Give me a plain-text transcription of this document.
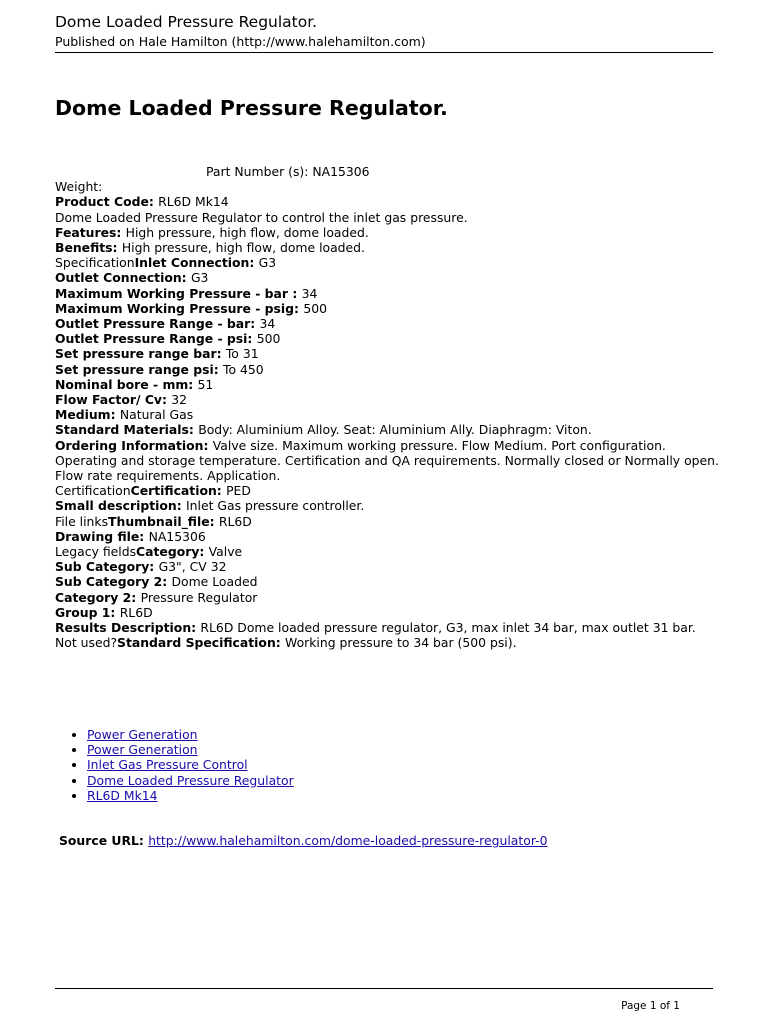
Dome Loaded Pressure Regulator.
Published on Hale Hamilton (http://www.halehamilton.com)
Dome Loaded Pressure Regulator.
Part Number (s): NA15306
Weight:
Product Code: RL6D Mk14
Dome Loaded Pressure Regulator to control the inlet gas pressure.
Features: High pressure, high flow, dome loaded.
Benefits: High pressure, high flow, dome loaded.
SpecificationInlet Connection: G3
Outlet Connection: G3
Maximum Working Pressure - bar : 34
Maximum Working Pressure - psig: 500
Outlet Pressure Range - bar: 34
Outlet Pressure Range - psi: 500
Set pressure range bar: To 31
Set pressure range psi: To 450
Nominal bore - mm: 51
Flow Factor/ Cv: 32
Medium: Natural Gas
Standard Materials: Body: Aluminium Alloy. Seat: Aluminium Ally. Diaphragm: Viton.
Ordering Information: Valve size. Maximum working pressure. Flow Medium. Port configuration. Operating and storage temperature. Certification and QA requirements. Normally closed or Normally open. Flow rate requirements. Application.
CertificationCertification: PED
Small description: Inlet Gas pressure controller.
File linksThumbnail_file: RL6D
Drawing file: NA15306
Legacy fieldsCategory: Valve
Sub Category: G3", CV 32
Sub Category 2: Dome Loaded
Category 2: Pressure Regulator
Group 1: RL6D
Results Description: RL6D Dome loaded pressure regulator, G3, max inlet 34 bar, max outlet 31 bar.
Not used?Standard Specification: Working pressure to 34 bar (500 psi).
• Power Generation
• Power Generation
• Inlet Gas Pressure Control
• Dome Loaded Pressure Regulator
• RL6D Mk14
Source URL: http://www.halehamilton.com/dome-loaded-pressure-regulator-0
Page 1 of 1
